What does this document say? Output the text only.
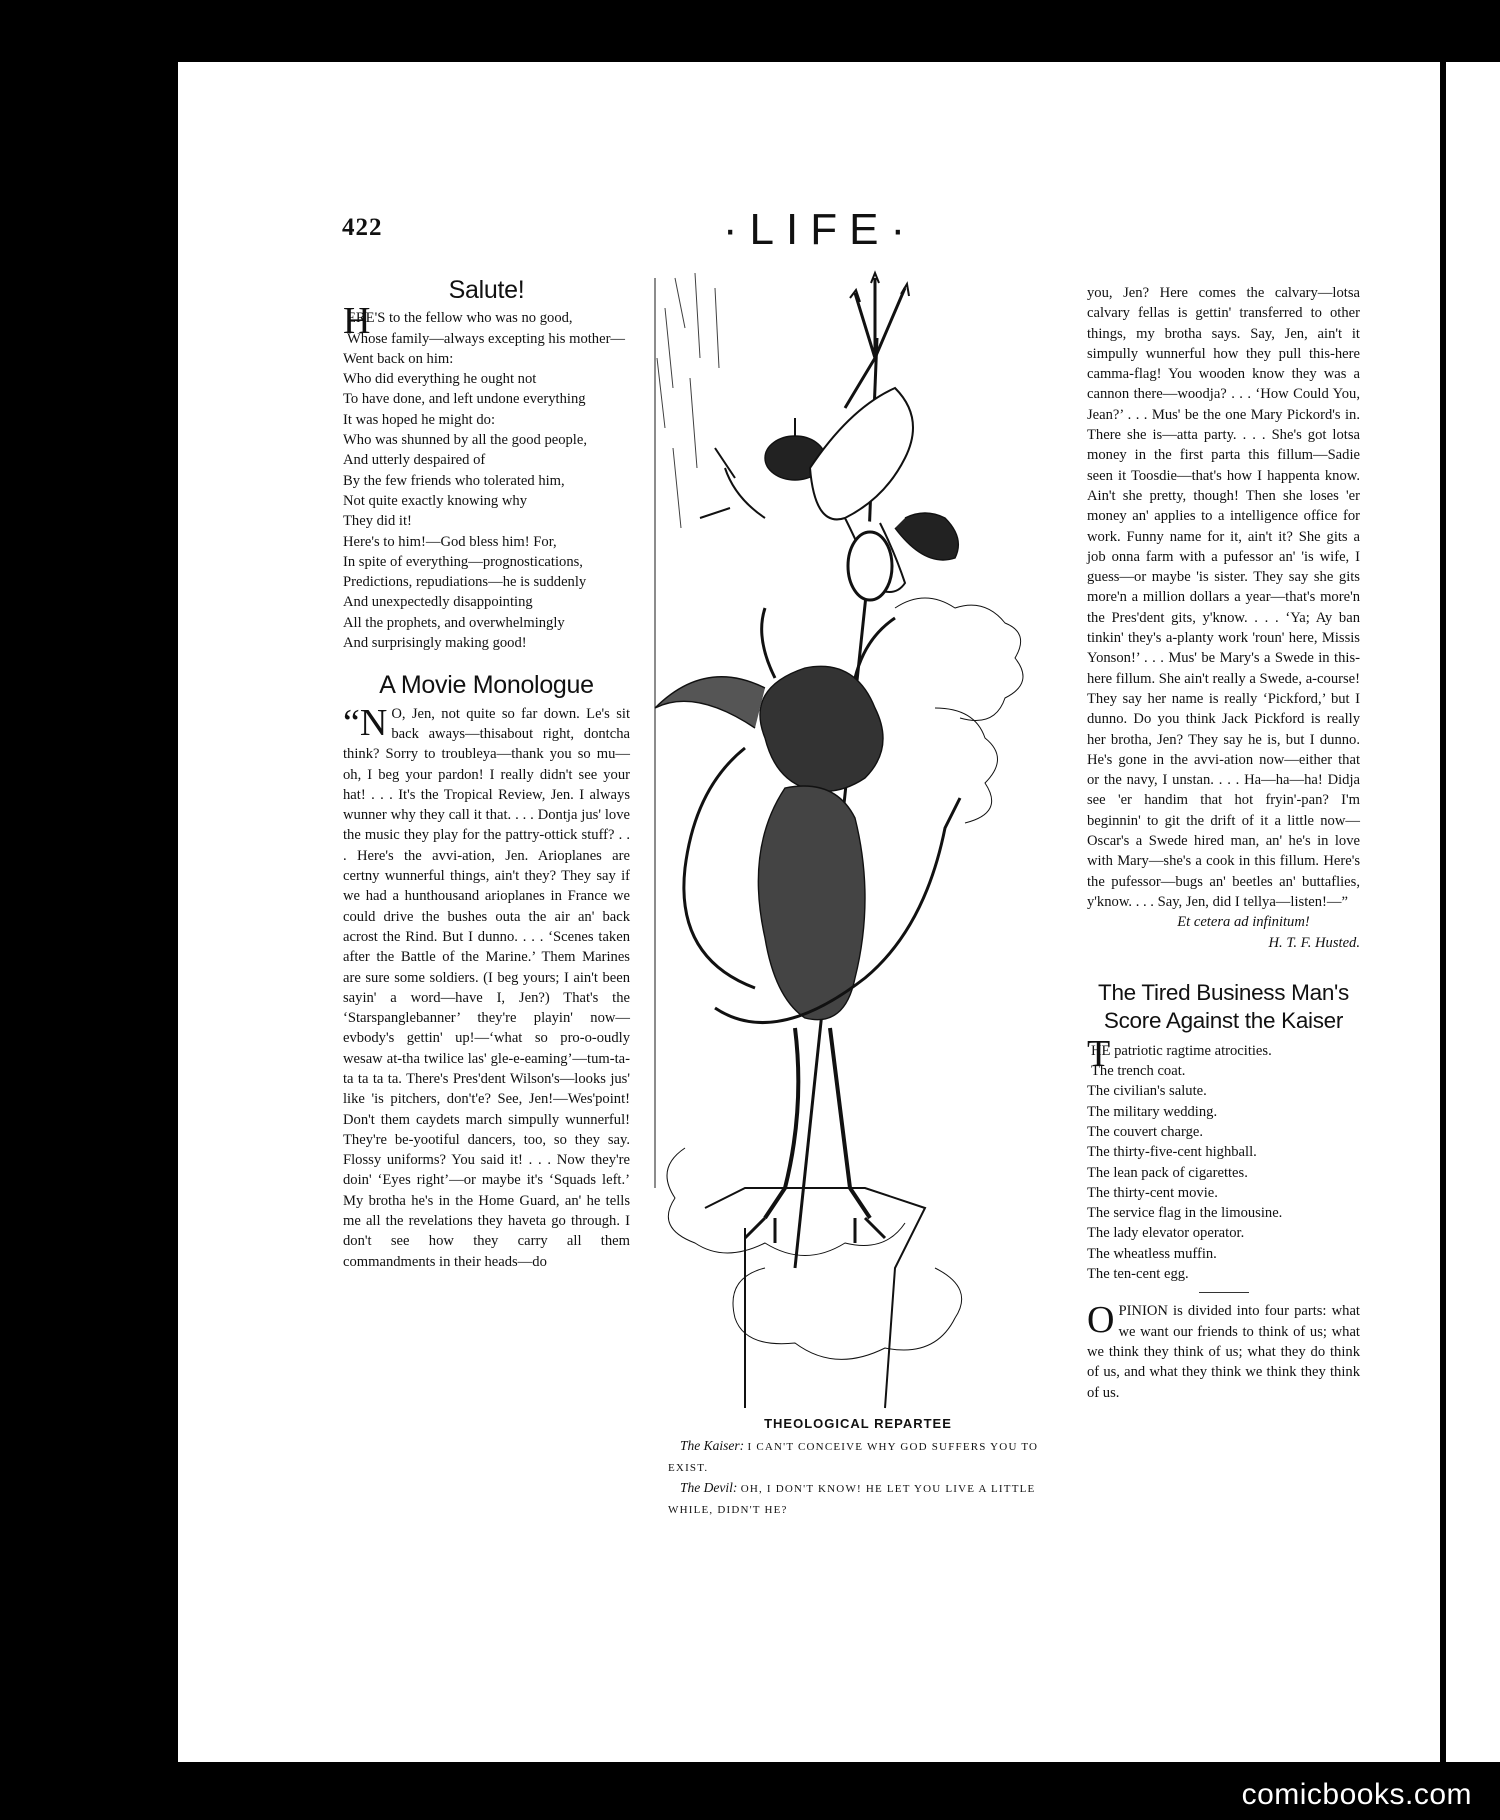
422	·LIFE·
Salute!

HERE'S to the fellow who was no good,

Whose family—always excepting his mother—

Went back on him:

Who did everything he ought not

To have done, and left undone everything

It was hoped he might do:

Who was shunned by all the good people,

And utterly despaired of

By the few friends who tolerated him,

Not quite exactly knowing why

They did it!

Here's to him!—God bless him! For,

In spite of everything—prognostications,

Predictions, repudiations—he is suddenly

And unexpectedly disappointing

All the prophets, and overwhelmingly

And surprisingly making good!

A Movie Monologue

“N O, Jen, not quite so far down. Le's sit back aways—thisabout right, dontcha think? Sorry to troubleya—thank you so mu—oh, I beg your pardon! I really didn't see your hat! . . . It's the Tropical Review, Jen. I always wunner why they call it that. . . . Dontja jus' love the music they play for the pattry-ottick stuff? . . . Here's the avvi-ation, Jen. Arioplanes are certny wunnerful things, ain't they? They say if we had a hunthousand arioplanes in France we could drive the bushes outa the air an' back acrost the Rind. But I dunno. . . . ‘Scenes taken after the Battle of the Marine.’ Them Marines are sure some soldiers. (I beg yours; I ain't been sayin' a word—have I, Jen?) That's the ‘Starspanglebanner’ they're playin' now—evbody's gettin' up!—‘what so pro-o-oudly wesaw at-tha twilice las' gle-e-eaming’—tum-ta-ta ta ta ta. There's Pres'dent Wilson's—looks jus' like 'is pitchers, don't'e? See, Jen!—Wes'point! Don't them caydets march simpully wunnerful! They're be-yootiful dancers, too, so they say. Flossy uniforms? You said it! . . . Now they're doin' ‘Eyes right’—or maybe it's ‘Squads left.’ My brotha he's in the Home Guard, an' he tells me all the revelations they haveta go through. I don't see how they carry all them commandments in their heads—do

THEOLOGICAL REPARTEE

The Kaiser: I CAN'T CONCEIVE WHY GOD SUFFERS YOU TO EXIST.

The Devil: OH, I DON'T KNOW! HE LET YOU LIVE A LITTLE WHILE, DIDN'T HE?

you, Jen? Here comes the calvary—lotsa calvary fellas is gettin' transferred to other things, my brotha says. Say, Jen, ain't it simpully wunnerful how they pull this-here camma-flag! You wooden know they was a cannon there—woodja? . . . ‘How Could You, Jean?’ . . . Mus' be the one Mary Pickord's in. There she is—atta party. . . . She's got lotsa money in the first parta this fillum—Sadie seen it Toosdie—that's how I happenta know. Ain't she pretty, though! Then she loses 'er money an' applies to a intelligence office for work. Funny name for it, ain't it? She gits a job onna farm with a pufessor an' 'is wife, I guess—or maybe 'is sister. They say she gits more'n a million dollars a year—that's more'n the Pres'dent gits, y'know. . . . ‘Ya; Ay ban tinkin' they's a-planty work 'roun' here, Missis Yonson!’ . . . Mus' be Mary's a Swede in this-here fillum. She ain't really a Swede, a-course! They say her name is really ‘Pickford,’ but I dunno. Do you think Jack Pickford is really her brotha, Jen? They say he is, but I dunno. He's gone in the avvi-ation now—either that or the navy, I unstan. . . . Ha—ha—ha! Didja see 'er handim that hot fryin'-pan? I'm beginnin' to git the drift of it a little now—Oscar's a Swede hired man, an' he's in love with Mary—she's a cook in this fillum. Here's the pufessor—bugs an' beetles an' buttaflies, y'know. . . . Say, Jen, did I tellya—listen!—”

Et cetera ad infinitum!

H. T. F. Husted.

The Tired Business Man's
Score Against the Kaiser

THE patriotic ragtime atrocities.

The trench coat.

The civilian's salute.

The military wedding.

The couvert charge.

The thirty-five-cent highball.

The lean pack of cigarettes.

The thirty-cent movie.

The service flag in the limousine.

The lady elevator operator.

The wheatless muffin.

The ten-cent egg.

OPINION is divided into four parts: what we want our friends to think of us; what we think they think of us; what they do think of us, and what they think we think they think of us.

comicbooks.com
